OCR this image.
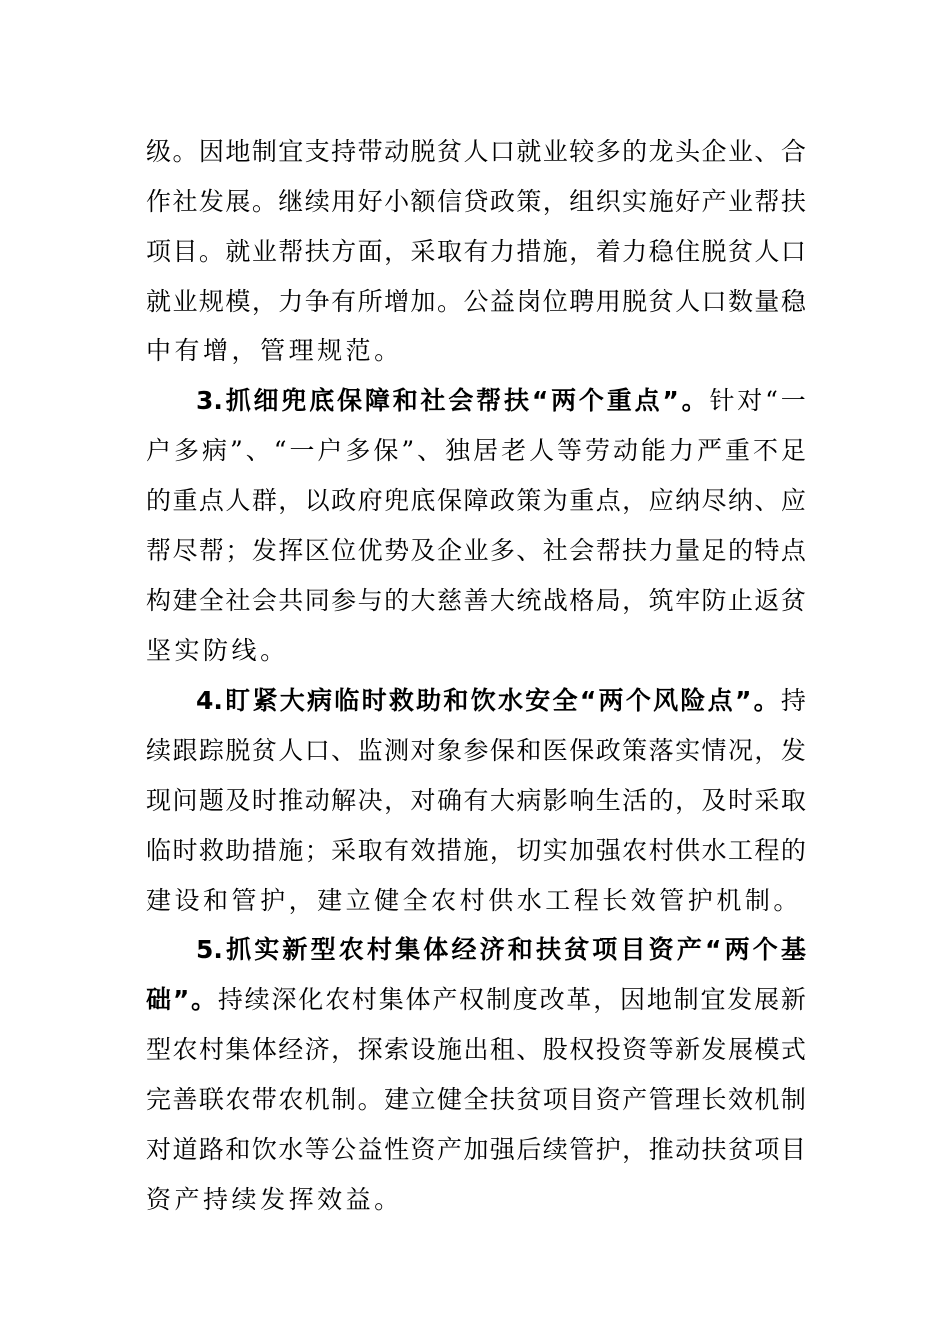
级 。 因 地 制 宜 支 持 带 动 脱 贫 人 口 就 业 较 多 的 龙 头 企 业 、 合
作 社 发 展 。 继 续 用 好 小 额 信 贷 政 策 ， 组 织 实 施 好 产 业 帮 扶
项 目 。 就 业 帮 扶 方 面 ， 采 取 有 力 措 施 ， 着 力 稳 住 脱 贫 人 口
就 业 规 模 ， 力 争 有 所 增 加 。 公 益 岗 位 聘 用 脱 贫 人 口 数 量 稳
中 有 增 ， 管 理 规 范 。
3. 抓 细 兜 底 保 障 和 社 会 帮 扶 “ 两 个 重 点 ” 。 针 对 “ 一
户 多 病 ” 、 “ 一 户 多 保 ” 、 独 居 老 人 等 劳 动 能 力 严 重 不 足
的 重 点 人 群 ， 以 政 府 兜 底 保 障 政 策 为 重 点 ， 应 纳 尽 纳 、 应
帮 尽 帮 ； 发 挥 区 位 优 势 及 企 业 多 、 社 会 帮 扶 力 量 足 的 特 点
构 建 全 社 会 共 同 参 与 的 大 慈 善 大 统 战 格 局 ， 筑 牢 防 止 返 贫
坚 实 防 线 。
4. 盯 紧 大 病 临 时 救 助 和 饮 水 安 全 “ 两 个 风 险 点 ” 。 持
续 跟 踪 脱 贫 人 口 、 监 测 对 象 参 保 和 医 保 政 策 落 实 情 况 ， 发
现 问 题 及 时 推 动 解 决 ， 对 确 有 大 病 影 响 生 活 的 ， 及 时 采 取
临 时 救 助 措 施 ； 采 取 有 效 措 施 ， 切 实 加 强 农 村 供 水 工 程 的
建 设 和 管 护 ， 建 立 健 全 农 村 供 水 工 程 长 效 管 护 机 制 。
5. 抓 实 新 型 农 村 集 体 经 济 和 扶 贫 项 目 资 产 “ 两 个 基
础 ” 。 持 续 深 化 农 村 集 体 产 权 制 度 改 革 ， 因 地 制 宜 发 展 新
型 农 村 集 体 经 济 ， 探 索 设 施 出 租 、 股 权 投 资 等 新 发 展 模 式
完 善 联 农 带 农 机 制 。 建 立 健 全 扶 贫 项 目 资 产 管 理 长 效 机 制
对 道 路 和 饮 水 等 公 益 性 资 产 加 强 后 续 管 护 ， 推 动 扶 贫 项 目
资 产 持 续 发 挥 效 益 。
